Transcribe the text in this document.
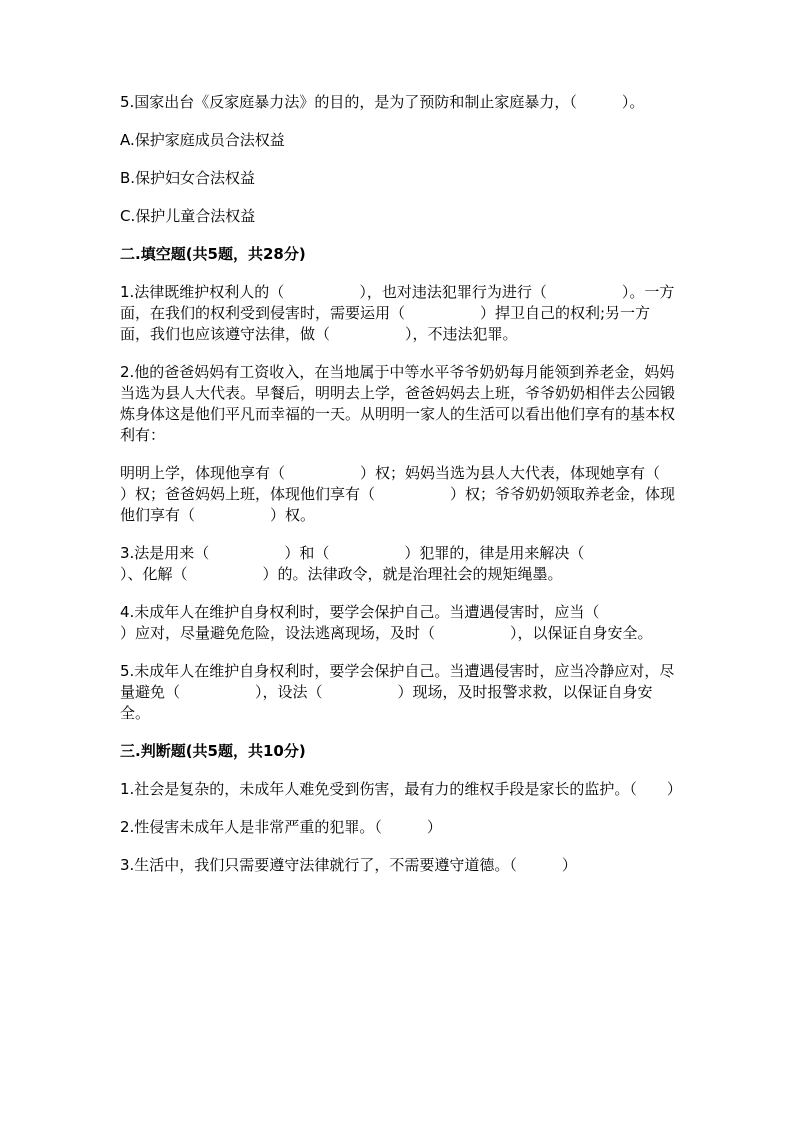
5.国家出台《反家庭暴力法》的目的，是为了预防和制止家庭暴力，（　　　）。

A.保护家庭成员合法权益

B.保护妇女合法权益

C.保护儿童合法权益

二.填空题(共5题，共28分)

1.法律既维护权利人的（　　　　　），也对违法犯罪行为进行（　　　　　）。一方面，在我们的权利受到侵害时，需要运用（　　　　　）捍卫自己的权利;另一方面，我们也应该遵守法律，做（　　　　　），不违法犯罪。

2.他的爸爸妈妈有工资收入，在当地属于中等水平爷爷奶奶每月能领到养老金，妈妈当选为县人大代表。早餐后，明明去上学，爸爸妈妈去上班，爷爷奶奶相伴去公园锻炼身体这是他们平凡而幸福的一天。从明明一家人的生活可以看出他们享有的基本权利有：

明明上学，体现他享有（　　　　　）权；妈妈当选为县人大代表，体现她享有（　　　　　）权；爸爸妈妈上班，体现他们享有（　　　　　）权；爷爷奶奶领取养老金，体现他们享有（　　　　　）权。

3.法是用来（　　　　　）和（　　　　　）犯罪的，律是用来解决（　　　　　）、化解（　　　　　）的。法律政令，就是治理社会的规矩绳墨。

4.未成年人在维护自身权利时，要学会保护自己。当遭遇侵害时，应当（　　　　　）应对，尽量避免危险，设法逃离现场，及时（　　　　　），以保证自身安全。

5.未成年人在维护自身权利时，要学会保护自己。当遭遇侵害时，应当冷静应对，尽量避免（　　　　　），设法（　　　　　）现场，及时报警求救，以保证自身安全。

三.判断题(共5题，共10分)

1.社会是复杂的，未成年人难免受到伤害，最有力的维权手段是家长的监护。（　　）

2.性侵害未成年人是非常严重的犯罪。（　　　）

3.生活中，我们只需要遵守法律就行了，不需要遵守道德。（　　　）
